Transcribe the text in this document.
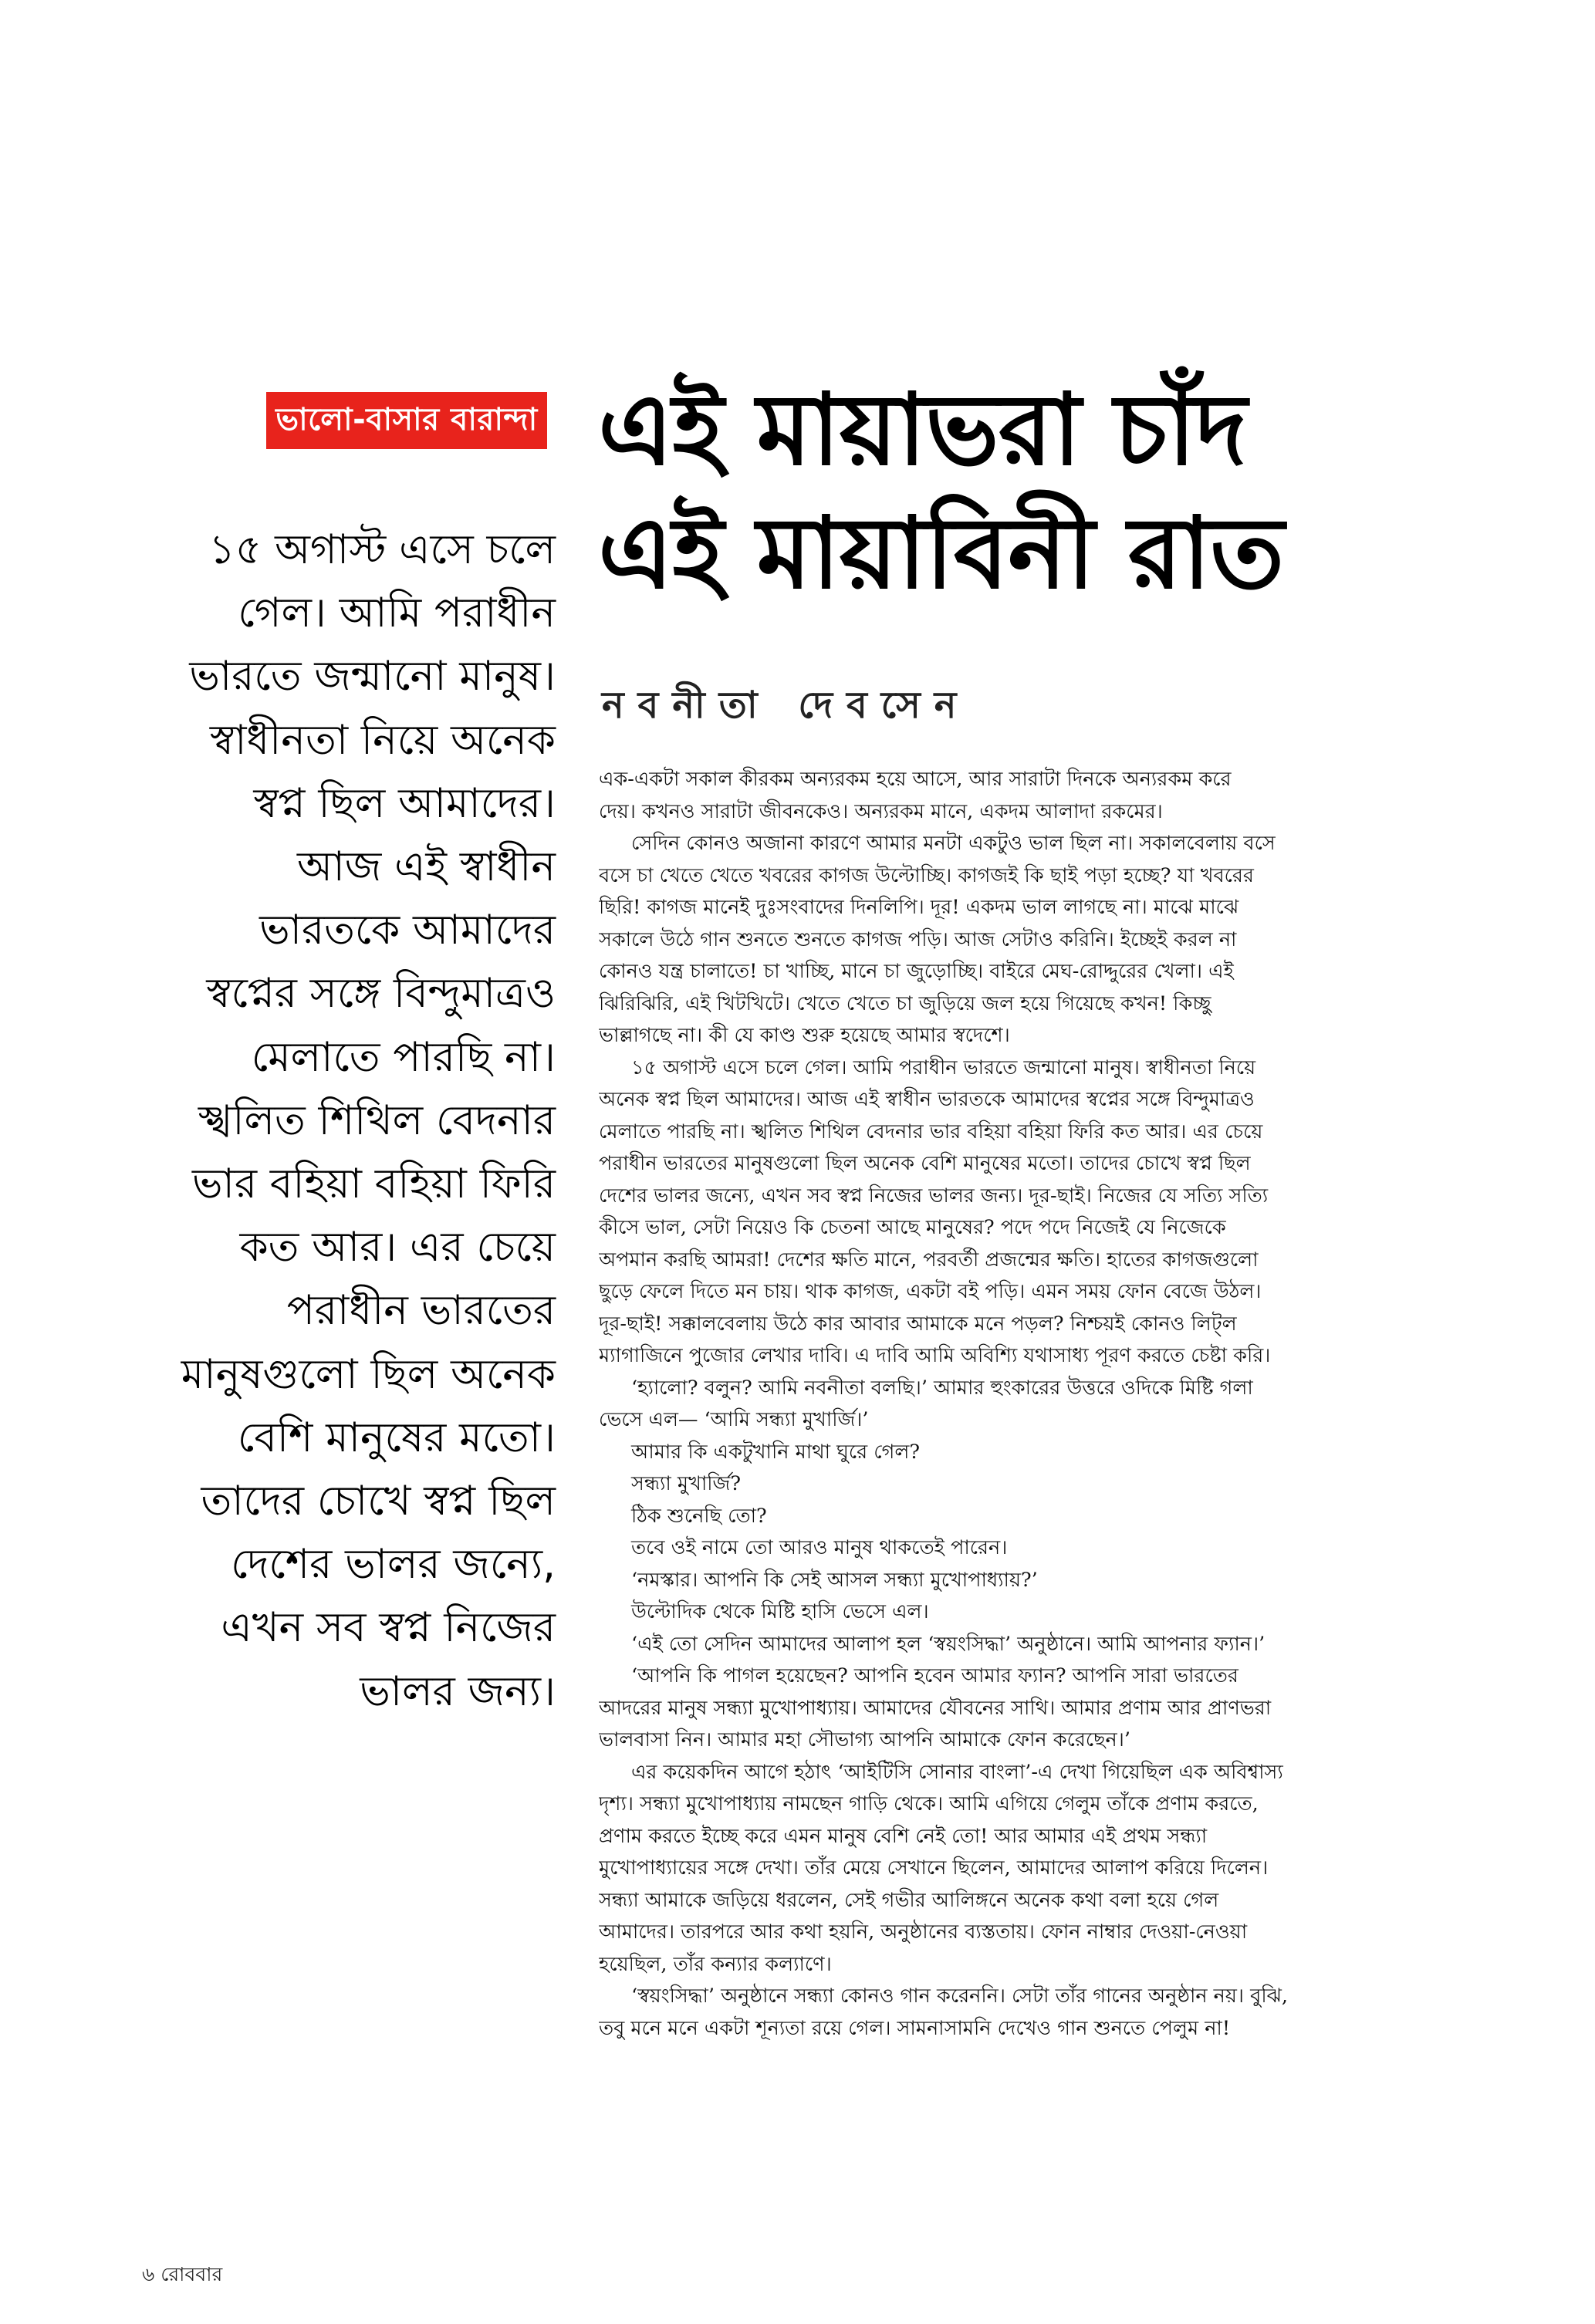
ভালো-বাসার বারান্দা
১৫ অগাস্ট এসে চলে
গেল। আমি পরাধীন
ভারতে জন্মানো মানুষ।
স্বাধীনতা নিয়ে অনেক
স্বপ্ন ছিল আমাদের।
আজ এই স্বাধীন
ভারতকে আমাদের
স্বপ্নের সঙ্গে বিন্দুমাত্রও
মেলাতে পারছি না।
স্খলিত শিথিল বেদনার
ভার বহিয়া বহিয়া ফিরি
কত আর। এর চেয়ে
পরাধীন ভারতের
মানুষগুলো ছিল অনেক
বেশি মানুষের মতো।
তাদের চোখে স্বপ্ন ছিল
দেশের ভালর জন্যে,
এখন সব স্বপ্ন নিজের
ভালর জন্য।
এই মায়াভরা চাঁদ
এই মায়াবিনী রাত
নবনীতা দেবসেন
এক-একটা সকাল কীরকম অন্যরকম হয়ে আসে, আর সারাটা দিনকে অন্যরকম করে
দেয়। কখনও সারাটা জীবনকেও। অন্যরকম মানে, একদম আলাদা রকমের।
সেদিন কোনও অজানা কারণে আমার মনটা একটুও ভাল ছিল না। সকালবেলায় বসে
বসে চা খেতে খেতে খবরের কাগজ উল্টোচ্ছি। কাগজই কি ছাই পড়া হচ্ছে? যা খবরের
ছিরি! কাগজ মানেই দুঃসংবাদের দিনলিপি। দূর! একদম ভাল লাগছে না। মাঝে মাঝে
সকালে উঠে গান শুনতে শুনতে কাগজ পড়ি। আজ সেটাও করিনি। ইচ্ছেই করল না
কোনও যন্ত্র চালাতে! চা খাচ্ছি, মানে চা জুড়োচ্ছি। বাইরে মেঘ-রোদ্দুরের খেলা। এই
ঝিরিঝিরি, এই খিটখিটে। খেতে খেতে চা জুড়িয়ে জল হয়ে গিয়েছে কখন! কিচ্ছু
ভাল্লাগছে না। কী যে কাণ্ড শুরু হয়েছে আমার স্বদেশে।
১৫ অগাস্ট এসে চলে গেল। আমি পরাধীন ভারতে জন্মানো মানুষ। স্বাধীনতা নিয়ে
অনেক স্বপ্ন ছিল আমাদের। আজ এই স্বাধীন ভারতকে আমাদের স্বপ্নের সঙ্গে বিন্দুমাত্রও
মেলাতে পারছি না। স্খলিত শিথিল বেদনার ভার বহিয়া বহিয়া ফিরি কত আর। এর চেয়ে
পরাধীন ভারতের মানুষগুলো ছিল অনেক বেশি মানুষের মতো। তাদের চোখে স্বপ্ন ছিল
দেশের ভালর জন্যে, এখন সব স্বপ্ন নিজের ভালর জন্য। দূর-ছাই। নিজের যে সত্যি সত্যি
কীসে ভাল, সেটা নিয়েও কি চেতনা আছে মানুষের? পদে পদে নিজেই যে নিজেকে
অপমান করছি আমরা! দেশের ক্ষতি মানে, পরবর্তী প্রজন্মের ক্ষতি। হাতের কাগজগুলো
ছুড়ে ফেলে দিতে মন চায়। থাক কাগজ, একটা বই পড়ি। এমন সময় ফোন বেজে উঠল।
দূর-ছাই! সক্কালবেলায় উঠে কার আবার আমাকে মনে পড়ল? নিশ্চয়ই কোনও লিট্‌ল
ম্যাগাজিনে পুজোর লেখার দাবি। এ দাবি আমি অবিশ্যি যথাসাধ্য পূরণ করতে চেষ্টা করি।
‘হ্যালো? বলুন? আমি নবনীতা বলছি।’ আমার হুংকারের উত্তরে ওদিকে মিষ্টি গলা
ভেসে এল— ‘আমি সন্ধ্যা মুখার্জি।’
আমার কি একটুখানি মাথা ঘুরে গেল?
সন্ধ্যা মুখার্জি?
ঠিক শুনেছি তো?
তবে ওই নামে তো আরও মানুষ থাকতেই পারেন।
‘নমস্কার। আপনি কি সেই আসল সন্ধ্যা মুখোপাধ্যায়?’
উল্টোদিক থেকে মিষ্টি হাসি ভেসে এল।
‘এই তো সেদিন আমাদের আলাপ হল ‘স্বয়ংসিদ্ধা’ অনুষ্ঠানে। আমি আপনার ফ্যান।’
‘আপনি কি পাগল হয়েছেন? আপনি হবেন আমার ফ্যান? আপনি সারা ভারতের
আদরের মানুষ সন্ধ্যা মুখোপাধ্যায়। আমাদের যৌবনের সাথি। আমার প্রণাম আর প্রাণভরা
ভালবাসা নিন। আমার মহা সৌভাগ্য আপনি আমাকে ফোন করেছেন।’
এর কয়েকদিন আগে হঠাৎ ‘আইটিসি সোনার বাংলা’-এ দেখা গিয়েছিল এক অবিশ্বাস্য
দৃশ্য। সন্ধ্যা মুখোপাধ্যায় নামছেন গাড়ি থেকে। আমি এগিয়ে গেলুম তাঁকে প্রণাম করতে,
প্রণাম করতে ইচ্ছে করে এমন মানুষ বেশি নেই তো! আর আমার এই প্রথম সন্ধ্যা
মুখোপাধ্যায়ের সঙ্গে দেখা। তাঁর মেয়ে সেখানে ছিলেন, আমাদের আলাপ করিয়ে দিলেন।
সন্ধ্যা আমাকে জড়িয়ে ধরলেন, সেই গভীর আলিঙ্গনে অনেক কথা বলা হয়ে গেল
আমাদের। তারপরে আর কথা হয়নি, অনুষ্ঠানের ব্যস্ততায়। ফোন নাম্বার দেওয়া-নেওয়া
হয়েছিল, তাঁর কন্যার কল্যাণে।
‘স্বয়ংসিদ্ধা’ অনুষ্ঠানে সন্ধ্যা কোনও গান করেননি। সেটা তাঁর গানের অনুষ্ঠান নয়। বুঝি,
তবু মনে মনে একটা শূন্যতা রয়ে গেল। সামনাসামনি দেখেও গান শুনতে পেলুম না!
৬ রোববার
